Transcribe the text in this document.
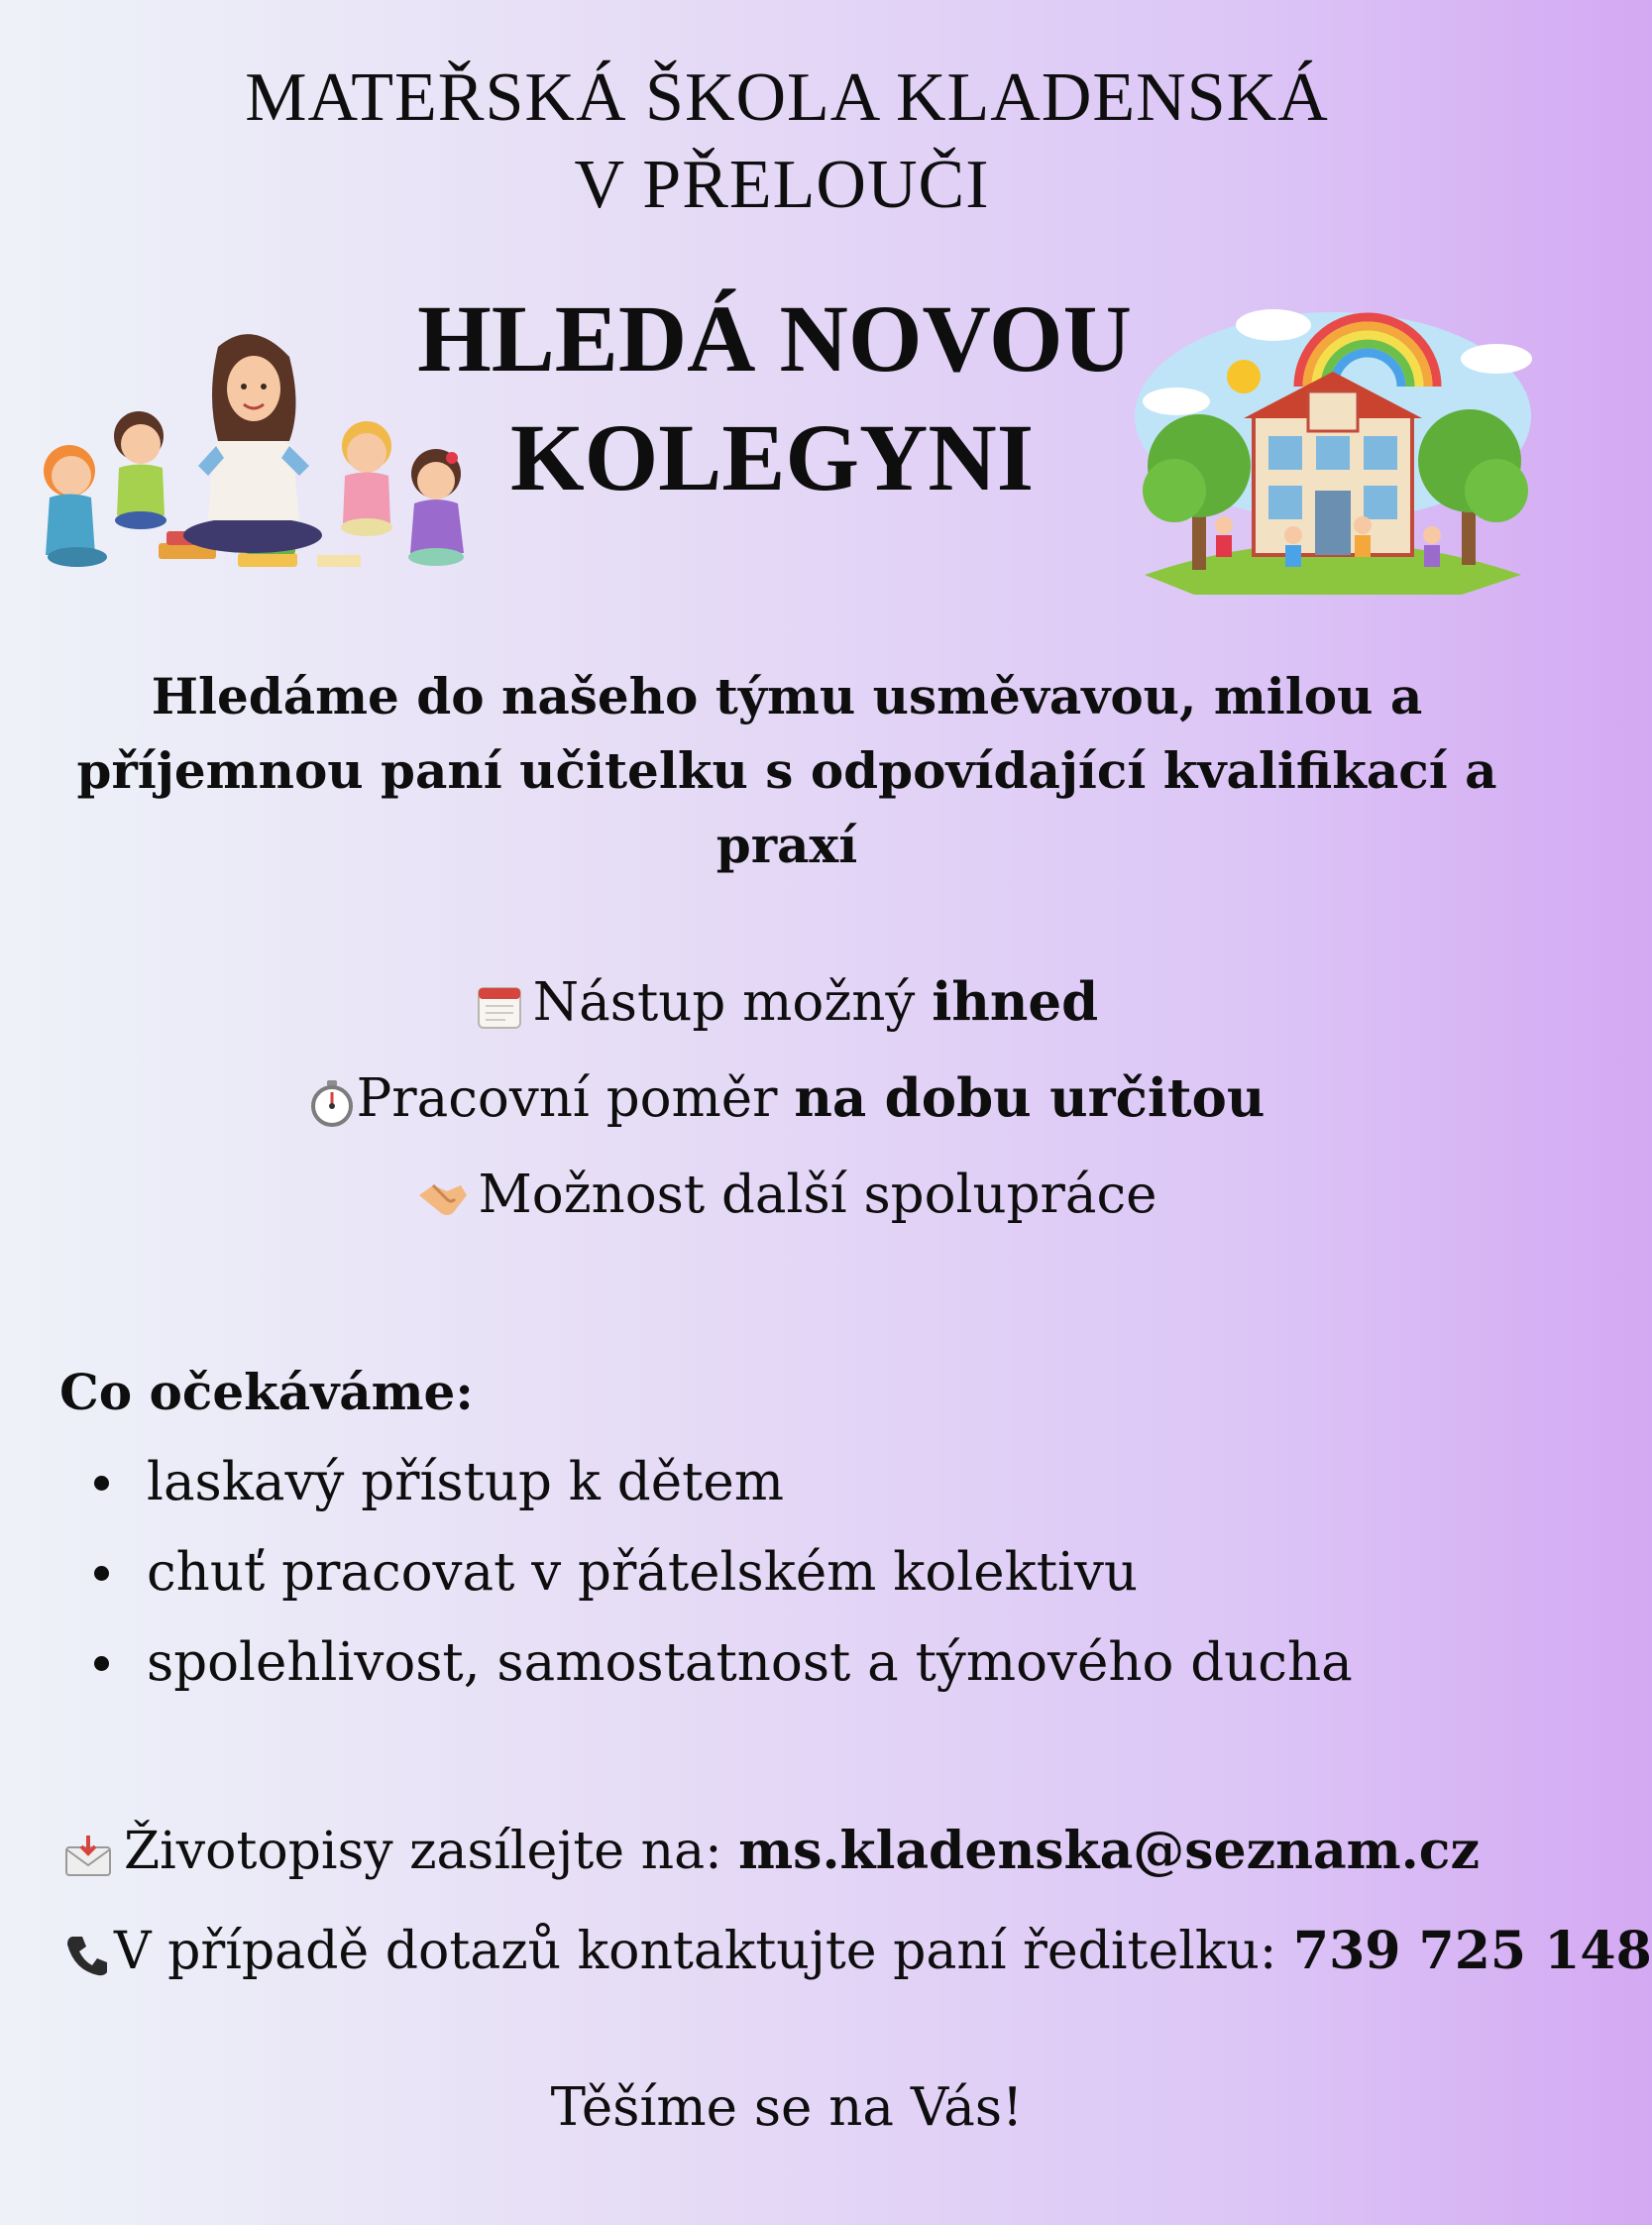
MATEŘSKÁ ŠKOLA KLADENSKÁ
V PŘELOUČI
HLEDÁ NOVOU
KOLEGYNI
Hledáme do našeho týmu usměvavou, milou a příjemnou paní učitelku s odpovídající kvalifikací a praxí
Nástup možný ihned
Pracovní poměr na dobu určitou
Možnost další spolupráce
Co očekáváme:
laskavý přístup k dětem
chuť pracovat v přátelském kolektivu
spolehlivost, samostatnost a týmového ducha
Životopisy zasílejte na: ms.kladenska@seznam.cz
V případě dotazů kontaktujte paní ředitelku: 739 725 148
Těšíme se na Vás!
